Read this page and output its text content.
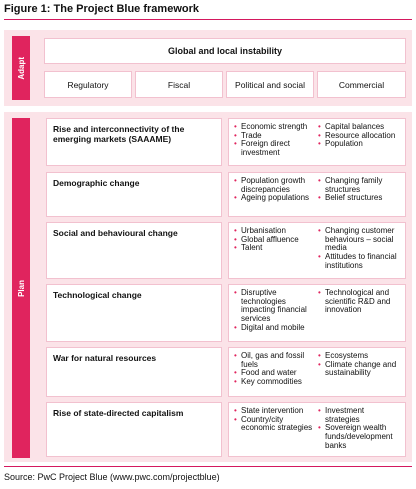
Figure 1: The Project Blue framework
Adapt
Global and local instability
Regulatory	Fiscal	Political and social	Commercial
Plan
Rise and interconnectivity of the emerging markets (SAAAME)
• Economic strength
• Trade
• Foreign direct investment
• Capital balances
• Resource allocation
• Population
Demographic change	• Population growth discrepancies
• Ageing populations
• Changing family structures
• Belief structures
Social and behavioural change	• Urbanisation
• Global affluence
• Talent
• Changing customer behaviours – social media
• Attitudes to financial institutions
Technological change	• Disruptive technologies impacting financial services
• Digital and mobile
• Technological and scientific R&D and innovation
War for natural resources	• Oil, gas and fossil fuels
• Food and water
• Key commodities
• Ecosystems
• Climate change and sustainability
Rise of state-directed capitalism	• State intervention
• Country/city economic strategies
• Investment strategies
• Sovereign wealth funds/development banks
Source: PwC Project Blue (www.pwc.com/projectblue)
